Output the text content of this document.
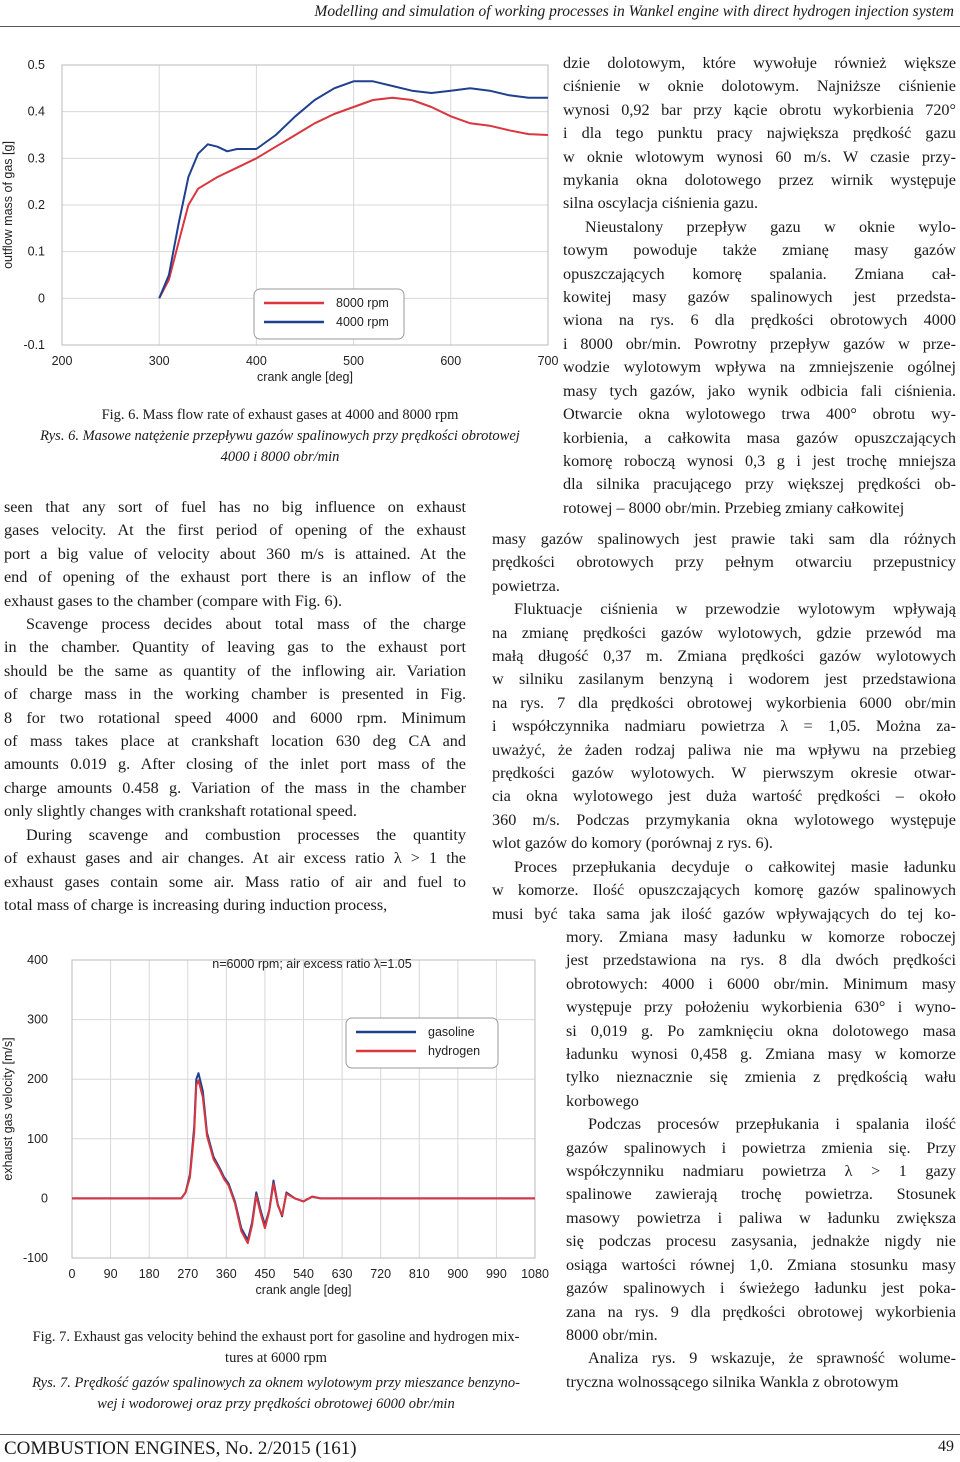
Modelling and simulation of working processes in Wankel engine with direct hydrogen injection system
200	300	400	500	600	700
0.5
0.4
0.3
0.2
0.1
0
-0.1
crank angle [deg]
outflow mass of gas [g]
8000 rpm
4000 rpm
Fig. 6. Mass flow rate of exhaust gases at 4000 and 8000 rpm
Rys. 6. Masowe natężenie przepływu gazów spalinowych przy prędkości obrotowej
4000 i 8000 obr/min
seen that any sort of fuel has no big influence on exhaust
gases velocity. At the first period of opening of the exhaust
port a big value of velocity about 360 m/s is attained. At the
end of opening of the exhaust port there is an inflow of the
exhaust gases to the chamber (compare with Fig. 6).
Scavenge process decides about total mass of the charge
in the chamber. Quantity of leaving gas to the exhaust port
should be the same as quantity of the inflowing air. Variation
of charge mass in the working chamber is presented in Fig.
8 for two rotational speed 4000 and 6000 rpm. Minimum
of mass takes place at crankshaft location 630 deg CA and
amounts 0.019 g. After closing of the inlet port mass of the
charge amounts 0.458 g. Variation of the mass in the chamber
only slightly changes with crankshaft rotational speed.
During scavenge and combustion processes the quantity
of exhaust gases and air changes. At air excess ratio λ > 1 the
exhaust gases contain some air. Mass ratio of air and fuel to
total mass of charge is increasing during induction process,
0 90 180 270 360 450 540 630 720 810 900 990 1080
400
300
200
100
0
-100
crank angle [deg]
exhaust gas velocity [m/s]
n=6000 rpm; air excess ratio λ=1.05
gasoline
hydrogen
Fig. 7. Exhaust gas velocity behind the exhaust port for gasoline and hydrogen mix-
tures at 6000 rpm
Rys. 7. Prędkość gazów spalinowych za oknem wylotowym przy mieszance benzyno-
wej i wodorowej oraz przy prędkości obrotowej 6000 obr/min
dzie dolotowym, które wywołuje również większe
ciśnienie w oknie dolotowym. Najniższe ciśnienie
wynosi 0,92 bar przy kącie obrotu wykorbienia 720°
i dla tego punktu pracy największa prędkość gazu
w oknie wlotowym wynosi 60 m/s. W czasie przy-
mykania okna dolotowego przez wirnik występuje
silna oscylacja ciśnienia gazu.
Nieustalony przepływ gazu w oknie wylo-
towym powoduje także zmianę masy gazów
opuszczających komorę spalania. Zmiana cał-
kowitej masy gazów spalinowych jest przedsta-
wiona na rys. 6 dla prędkości obrotowych 4000
i 8000 obr/min. Powrotny przepływ gazów w prze-
wodzie wylotowym wpływa na zmniejszenie ogólnej
masy tych gazów, jako wynik odbicia fali ciśnienia.
Otwarcie okna wylotowego trwa 400° obrotu wy-
korbienia, a całkowita masa gazów opuszczających
komorę roboczą wynosi 0,3 g i jest trochę mniejsza
dla silnika pracującego przy większej prędkości ob-
rotowej – 8000 obr/min. Przebieg zmiany całkowitej
masy gazów spalinowych jest prawie taki sam dla różnych
prędkości obrotowych przy pełnym otwarciu przepustnicy
powietrza.
Fluktuacje ciśnienia w przewodzie wylotowym wpływają
na zmianę prędkości gazów wylotowych, gdzie przewód ma
małą długość 0,37 m. Zmiana prędkości gazów wylotowych
w silniku zasilanym benzyną i wodorem jest przedstawiona
na rys. 7 dla prędkości obrotowej wykorbienia 6000 obr/min
i współczynnika nadmiaru powietrza λ = 1,05. Można za-
uważyć, że żaden rodzaj paliwa nie ma wpływu na przebieg
prędkości gazów wylotowych. W pierwszym okresie otwar-
cia okna wylotowego jest duża wartość prędkości – około
360 m/s. Podczas przymykania okna wylotowego występuje
wlot gazów do komory (porównaj z rys. 6).
Proces przepłukania decyduje o całkowitej masie ładunku
w komorze. Ilość opuszczających komorę gazów spalinowych
musi być taka sama jak ilość gazów wpływających do tej ko-
mory. Zmiana masy ładunku w komorze roboczej
jest przedstawiona na rys. 8 dla dwóch prędkości
obrotowych: 4000 i 6000 obr/min. Minimum masy
występuje przy położeniu wykorbienia 630° i wyno-
si 0,019 g. Po zamknięciu okna dolotowego masa
ładunku wynosi 0,458 g. Zmiana masy w komorze
tylko nieznacznie się zmienia z prędkością wału
korbowego
Podczas procesów przepłukania i spalania ilość
gazów spalinowych i powietrza zmienia się. Przy
współczynniku nadmiaru powietrza λ > 1 gazy
spalinowe zawierają trochę powietrza. Stosunek
masowy powietrza i paliwa w ładunku zwiększa
się podczas procesu zasysania, jednakże nigdy nie
osiąga wartości równej 1,0. Zmiana stosunku masy
gazów spalinowych i świeżego ładunku jest poka-
zana na rys. 9 dla prędkości obrotowej wykorbienia
8000 obr/min.
Analiza rys. 9 wskazuje, że sprawność wolume-
tryczna wolnossącego silnika Wankla z obrotowym
COMBUSTION ENGINES, No. 2/2015 (161)	49
